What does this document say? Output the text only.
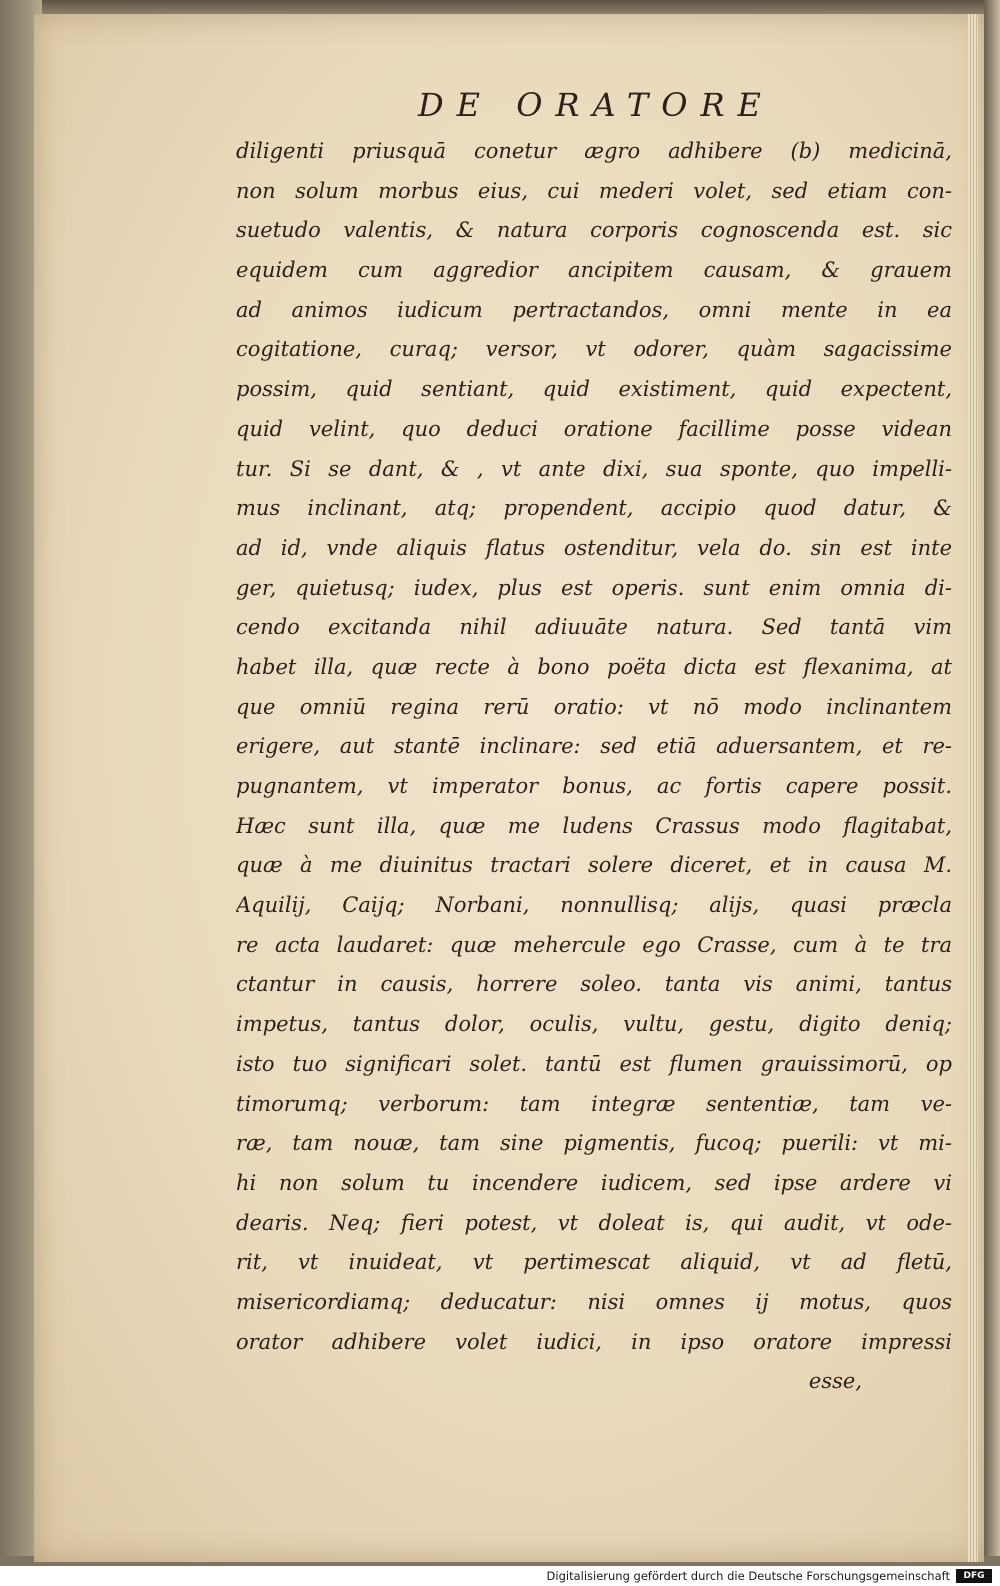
DE ORATORE
diligenti priusquā conetur ægro adhibere (b) medicinā,
non solum morbus eius, cui mederi volet, sed etiam con-
suetudo valentis, & natura corporis cognoscenda est. sic
equidem cum aggredior ancipitem causam, & grauem
ad animos iudicum pertractandos, omni mente in ea
cogitatione, curaq; versor, vt odorer, quàm sagacissime
possim, quid sentiant, quid existiment, quid expectent,
quid velint, quo deduci oratione facillime posse videan
tur. Si se dant, & , vt ante dixi, sua sponte, quo impelli-
mus inclinant, atq; propendent, accipio quod datur, &
ad id, vnde aliquis flatus ostenditur, vela do. sin est inte
ger, quietusq; iudex, plus est operis. sunt enim omnia di-
cendo excitanda nihil adiuuāte natura. Sed tantā vim
habet illa, quæ recte à bono poëta dicta est flexanima, at
que omniū regina rerū oratio: vt nō modo inclinantem
erigere, aut stantē inclinare: sed etiā aduersantem, et re-
pugnantem, vt imperator bonus, ac fortis capere possit.
Hæc sunt illa, quæ me ludens Crassus modo flagitabat,
quæ à me diuinitus tractari solere diceret, et in causa M.
Aquilij, Caijq; Norbani, nonnullisq; alijs, quasi præcla
re acta laudaret: quæ mehercule ego Crasse, cum à te tra
ctantur in causis, horrere soleo. tanta vis animi, tantus
impetus, tantus dolor, oculis, vultu, gestu, digito deniq;
isto tuo significari solet. tantū est flumen grauissimorū, op
timorumq; verborum: tam integræ sententiæ, tam ve-
ræ, tam nouæ, tam sine pigmentis, fucoq; puerili: vt mi-
hi non solum tu incendere iudicem, sed ipse ardere vi
dearis. Neq; fieri potest, vt doleat is, qui audit, vt ode-
rit, vt inuideat, vt pertimescat aliquid, vt ad fletū,
misericordiamq; deducatur: nisi omnes ij motus, quos
orator adhibere volet iudici, in ipso oratore impressi
esse,
Digitalisierung gefördert durch die Deutsche Forschungsgemeinschaft	DFG
